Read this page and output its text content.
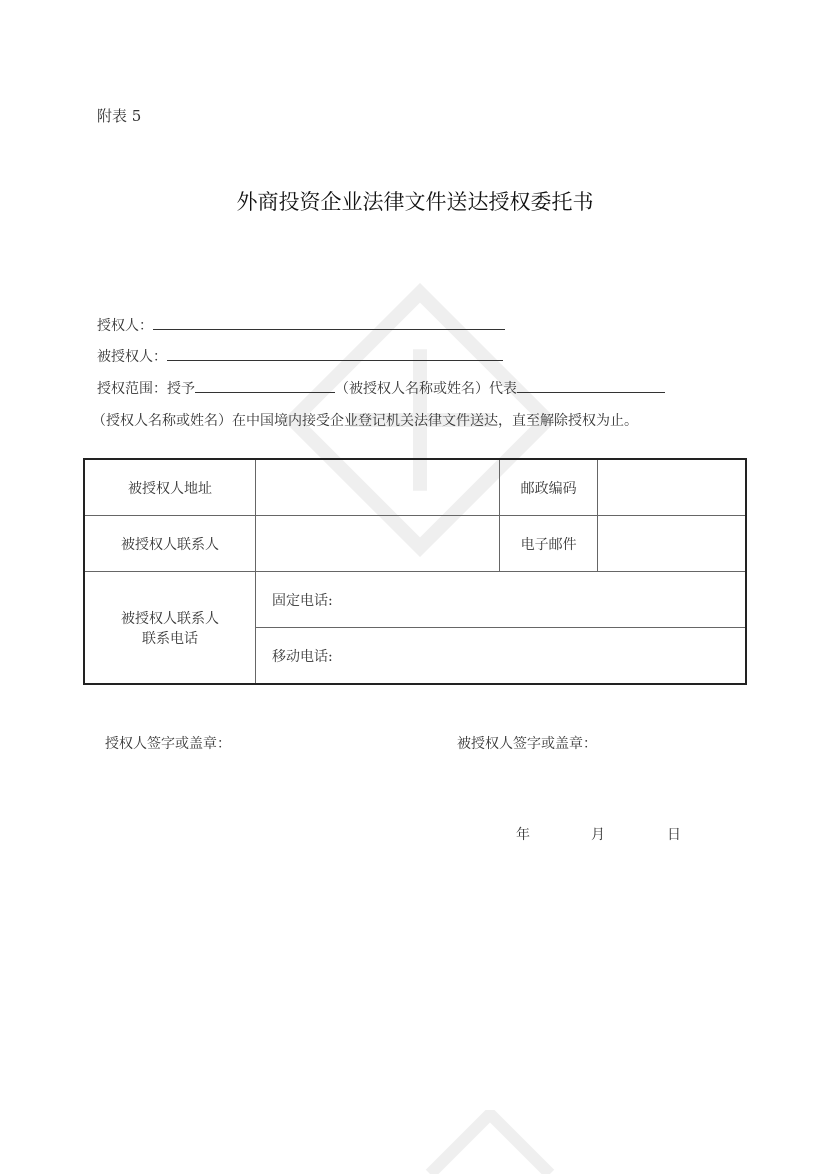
附表 5
外商投资企业法律文件送达授权委托书
授权人：
被授权人：
授权范围：授予	（被授权人名称或姓名）代表
（授权人名称或姓名）在中国境内接受企业登记机关法律文件送达，直至解除授权为止。
被授权人地址		邮政编码	
被授权人联系人		电子邮件	

被授权人联系人
联系电话	固定电话:		
	移动电话:		
授权人签字或盖章：	被授权人签字或盖章：
年	月	日
